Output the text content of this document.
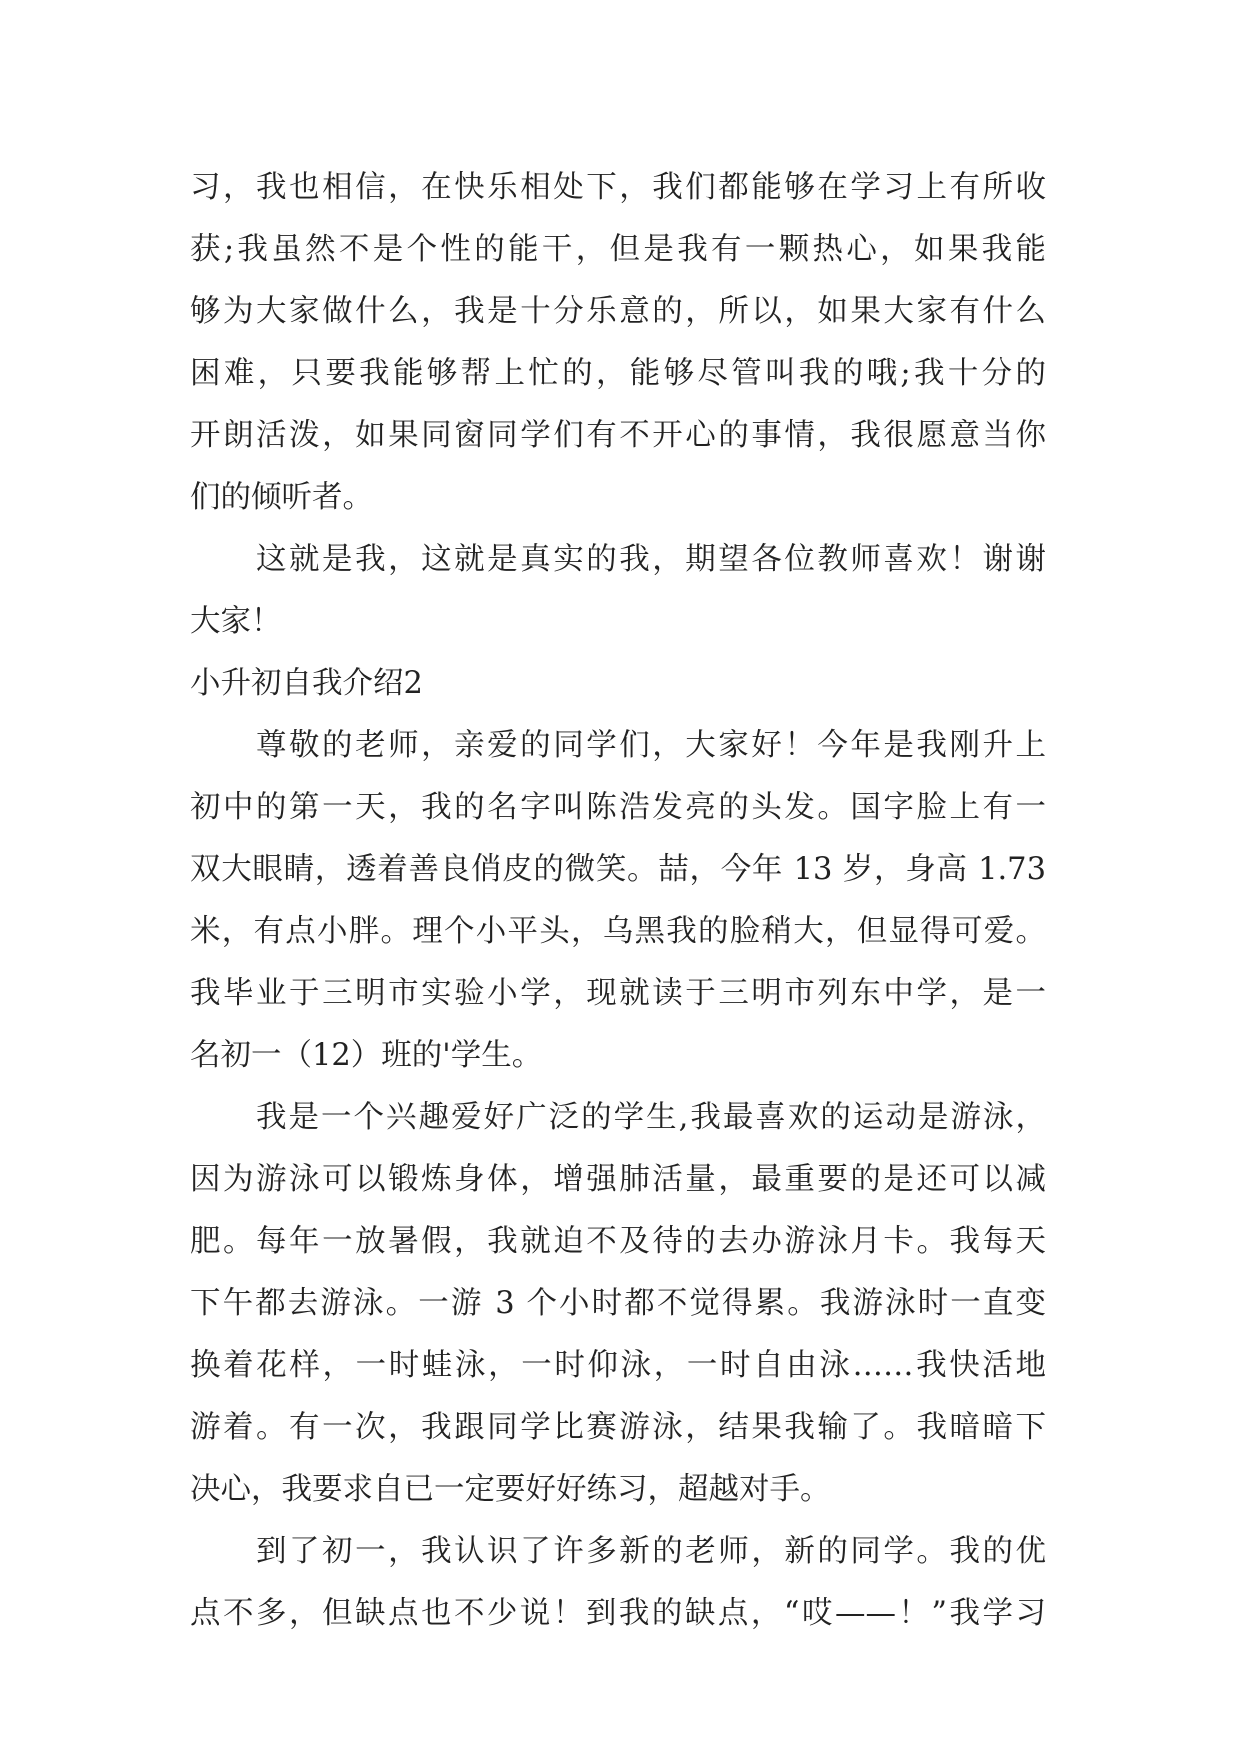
习，我也相信，在快乐相处下，我们都能够在学习上有所收
获;我虽然不是个性的能干，但是我有一颗热心，如果我能
够为大家做什么，我是十分乐意的，所以，如果大家有什么
困难，只要我能够帮上忙的，能够尽管叫我的哦;我十分的
开朗活泼，如果同窗同学们有不开心的事情，我很愿意当你
们的倾听者。
这就是我，这就是真实的我，期望各位教师喜欢！谢谢
大家！
小升初自我介绍2
尊敬的老师，亲爱的同学们，大家好！今年是我刚升上
初中的第一天，我的名字叫陈浩发亮的头发。国字脸上有一
双大眼睛，透着善良俏皮的微笑。喆，今年 13 岁，身高 1.73
米，有点小胖。理个小平头，乌黑我的脸稍大，但显得可爱。
我毕业于三明市实验小学，现就读于三明市列东中学，是一
名初一（12）班的'学生。
我是一个兴趣爱好广泛的学生,我最喜欢的运动是游泳，
因为游泳可以锻炼身体，增强肺活量，最重要的是还可以减
肥。每年一放暑假，我就迫不及待的去办游泳月卡。我每天
下午都去游泳。一游 3 个小时都不觉得累。我游泳时一直变
换着花样，一时蛙泳，一时仰泳，一时自由泳……我快活地
游着。有一次，我跟同学比赛游泳，结果我输了。我暗暗下
决心，我要求自已一定要好好练习，超越对手。
到了初一，我认识了许多新的老师，新的同学。我的优
点不多，但缺点也不少说！到我的缺点，“哎——！”我学习
